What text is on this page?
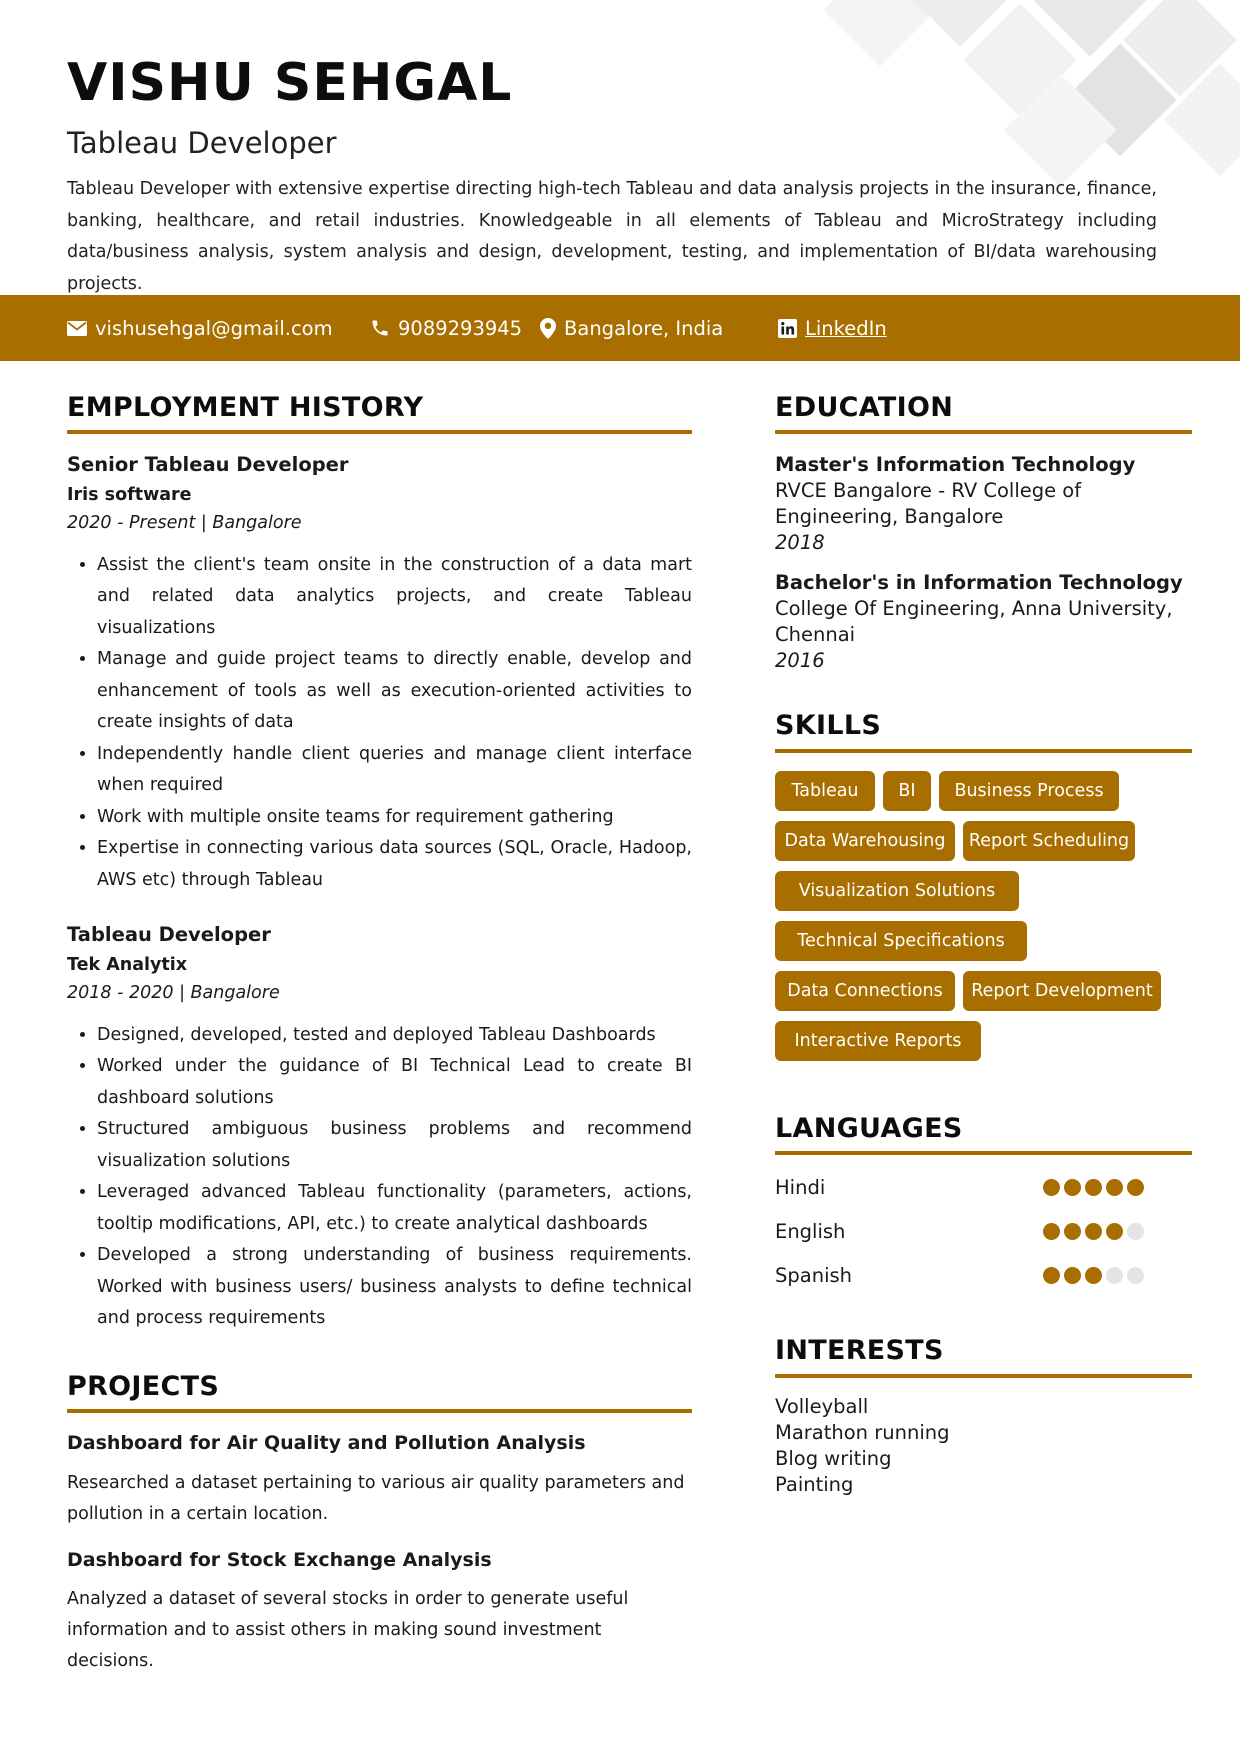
VISHU SEHGAL
Tableau Developer
Tableau Developer with extensive expertise directing high-tech Tableau and data analysis projects in the insurance, finance, banking, healthcare, and retail industries. Knowledgeable in all elements of Tableau and MicroStrategy including data/business analysis, system analysis and design, development, testing, and implementation of BI/data warehousing projects.
vishusehgal@gmail.com	9089293945 Bangalore, India	LinkedIn
EMPLOYMENT HISTORY
Senior Tableau Developer
Iris software
2020 - Present | Bangalore
• Assist the client's team onsite in the construction of a data mart and related data analytics projects, and create Tableau visualizations
• Manage and guide project teams to directly enable, develop and enhancement of tools as well as execution-oriented activities to create insights of data
• Independently handle client queries and manage client interface when required
• Work with multiple onsite teams for requirement gathering
• Expertise in connecting various data sources (SQL, Oracle, Hadoop, AWS etc) through Tableau
Tableau Developer
Tek Analytix
2018 - 2020 | Bangalore
• Designed, developed, tested and deployed Tableau Dashboards
• Worked under the guidance of BI Technical Lead to create BI dashboard solutions
• Structured ambiguous business problems and recommend visualization solutions
• Leveraged advanced Tableau functionality (parameters, actions, tooltip modifications, API, etc.) to create analytical dashboards
• Developed a strong understanding of business requirements. Worked with business users/ business analysts to define technical and process requirements
PROJECTS
Dashboard for Air Quality and Pollution Analysis
Researched a dataset pertaining to various air quality parameters and pollution in a certain location.
Dashboard for Stock Exchange Analysis
Analyzed a dataset of several stocks in order to generate useful information and to assist others in making sound investment decisions.
EDUCATION
Master's Information Technology
RVCE Bangalore - RV College of Engineering, Bangalore
2018
Bachelor's in Information Technology
College Of Engineering, Anna University, Chennai
2016
SKILLS
Tableau BI Business Process
Data Warehousing Report Scheduling
Visualization Solutions
Technical Specifications
Data Connections Report Development
Interactive Reports
LANGUAGES
Hindi
English
Spanish
INTERESTS
Volleyball
Marathon running
Blog writing
Painting
